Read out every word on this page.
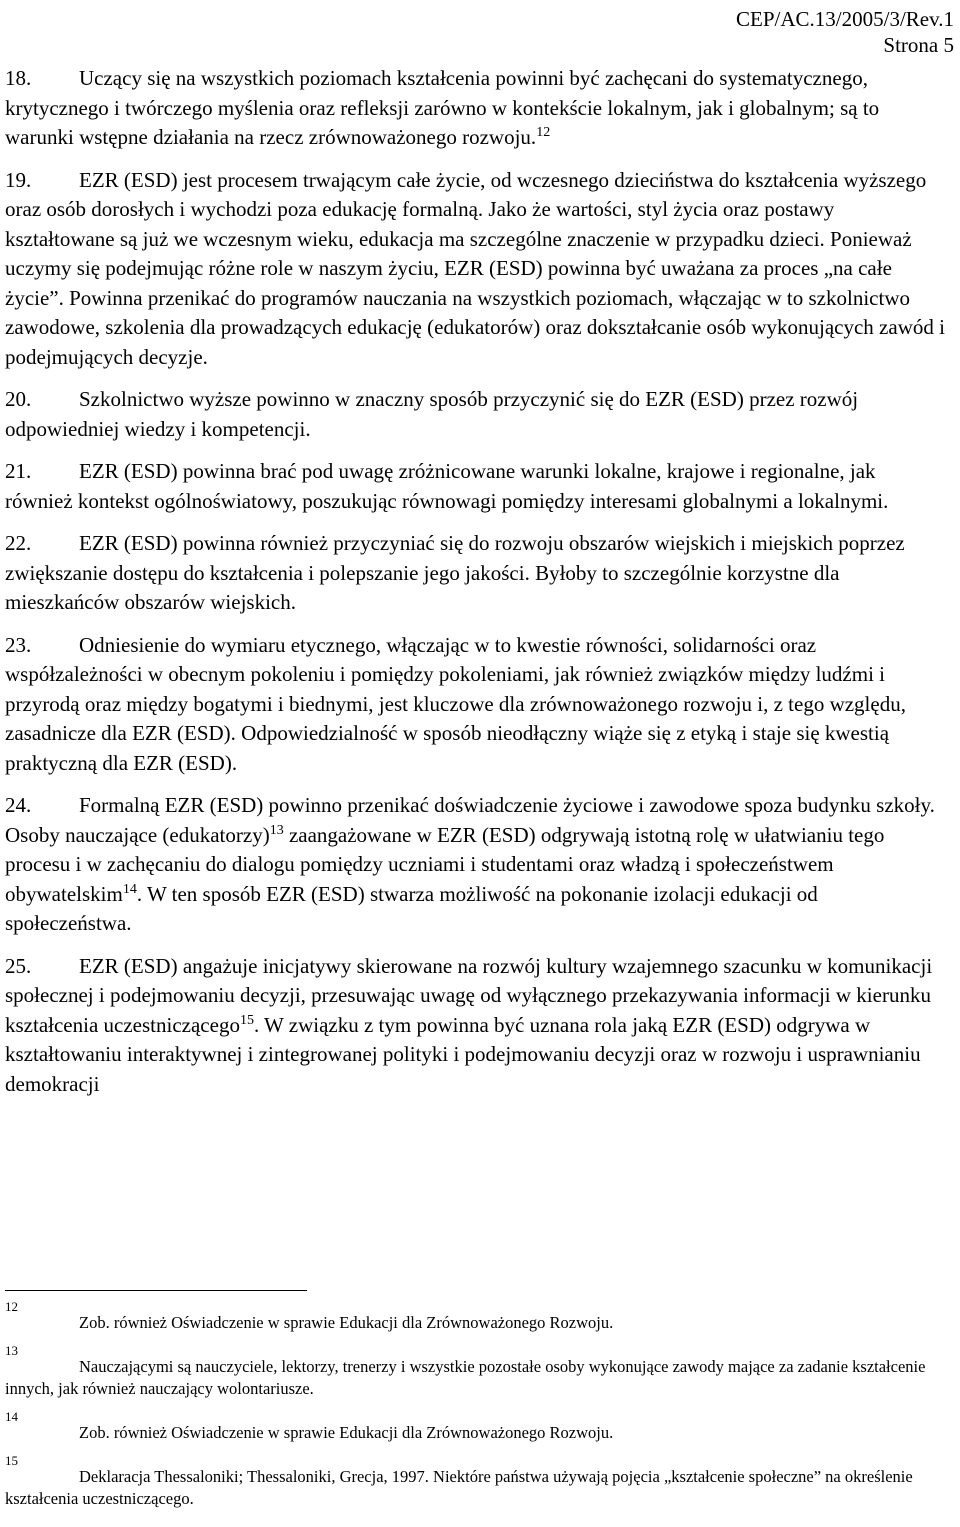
CEP/AC.13/2005/3/Rev.1
Strona 5

18. Uczący się na wszystkich poziomach kształcenia powinni być zachęcani do systematycznego, krytycznego i twórczego myślenia oraz refleksji zarówno w kontekście lokalnym, jak i globalnym; są to warunki wstępne działania na rzecz zrównoważonego rozwoju.$^{12}$

19. EZR (ESD) jest procesem trwającym całe życie, od wczesnego dzieciństwa do kształcenia wyższego oraz osób dorosłych i wychodzi poza edukację formalną. Jako że wartości, styl życia oraz postawy kształtowane są już we wczesnym wieku, edukacja ma szczególne znaczenie w przypadku dzieci. Ponieważ uczymy się podejmując różne role w naszym życiu, EZR (ESD) powinna być uważana za proces „na całe życie”. Powinna przenikać do programów nauczania na wszystkich poziomach, włączając w to szkolnictwo zawodowe, szkolenia dla prowadzących edukację (edukatorów) oraz dokształcanie osób wykonujących zawód i podejmujących decyzje.

20. Szkolnictwo wyższe powinno w znaczny sposób przyczynić się do EZR (ESD) przez rozwój odpowiedniej wiedzy i kompetencji.

21. EZR (ESD) powinna brać pod uwagę zróżnicowane warunki lokalne, krajowe i regionalne, jak również kontekst ogólnoświatowy, poszukując równowagi pomiędzy interesami globalnymi a lokalnymi.

22. EZR (ESD) powinna również przyczyniać się do rozwoju obszarów wiejskich i miejskich poprzez zwiększanie dostępu do kształcenia i polepszanie jego jakości. Byłoby to szczególnie korzystne dla mieszkańców obszarów wiejskich.

23. Odniesienie do wymiaru etycznego, włączając w to kwestie równości, solidarności oraz współzależności w obecnym pokoleniu i pomiędzy pokoleniami, jak również związków między ludźmi i przyrodą oraz między bogatymi i biednymi, jest kluczowe dla zrównoważonego rozwoju i, z tego względu, zasadnicze dla EZR (ESD). Odpowiedzialność w sposób nieodłączny wiąże się z etyką i staje się kwestią praktyczną dla EZR (ESD).

24. Formalną EZR (ESD) powinno przenikać doświadczenie życiowe i zawodowe spoza budynku szkoły. Osoby nauczające (edukatorzy)$^{13}$ zaangażowane w EZR (ESD) odgrywają istotną rolę w ułatwianiu tego procesu i w zachęcaniu do dialogu pomiędzy uczniami i studentami oraz władzą i społeczeństwem obywatelskim$^{14}$. W ten sposób EZR (ESD) stwarza możliwość na pokonanie izolacji edukacji od społeczeństwa.

25. EZR (ESD) angażuje inicjatywy skierowane na rozwój kultury wzajemnego szacunku w komunikacji społecznej i podejmowaniu decyzji, przesuwając uwagę od wyłącznego przekazywania informacji w kierunku kształcenia uczestniczącego$^{15}$. W związku z tym powinna być uznana rola jaką EZR (ESD) odgrywa w kształtowaniu interaktywnej i zintegrowanej polityki i podejmowaniu decyzji oraz w rozwoju i usprawnianiu demokracji

12
Zob. również Oświadczenie w sprawie Edukacji dla Zrównoważonego Rozwoju.
13
Nauczającymi są nauczyciele, lektorzy, trenerzy i wszystkie pozostałe osoby wykonujące zawody mające za zadanie kształcenie innych, jak również nauczający wolontariusze.
14
Zob. również Oświadczenie w sprawie Edukacji dla Zrównoważonego Rozwoju.
15
Deklaracja Thessaloniki; Thessaloniki, Grecja, 1997. Niektóre państwa używają pojęcia „kształcenie społeczne” na określenie kształcenia uczestniczącego.
